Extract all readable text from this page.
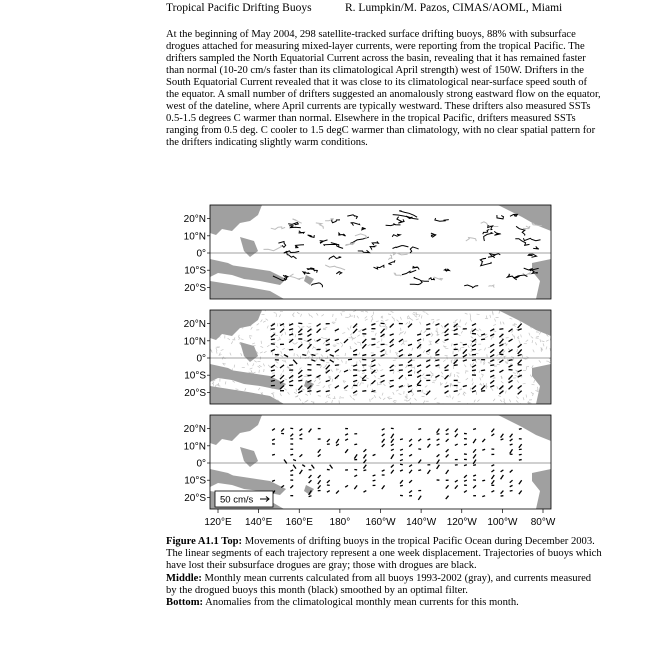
Tropical Pacific Drifting Buoys	R. Lumpkin/M. Pazos, CIMAS/AOML, Miami

At the beginning of May 2004, 298 satellite-tracked surface drifting buoys, 88% with subsurface drogues attached for measuring mixed-layer currents, were reporting from the tropical Pacific. The drifters sampled the North Equatorial Current across the basin, revealing that it has remained faster than normal (10-20 cm/s faster than its climatological April strength) west of 150W. Drifters in the South Equatorial Current revealed that it was close to its climatological near-surface speed south of the equator. A small number of drifters suggested an anomalously strong eastward flow on the equator, west of the dateline, where April currents are typically westward. These drifters also measured SSTs 0.5-1.5 degrees C warmer than normal. Elsewhere in the tropical Pacific, drifters measured SSTs ranging from 0.5 deg. C cooler to 1.5 degC warmer than climatology, with no clear spatial pattern for the drifters indicating slightly warm conditions.

20°N
10°N
0°
10°S
20°S
20°N
10°N
0°
10°S
20°S
20°N
10°N
0°
10°S
20°S 50 cm/s
120°E 140°E 160°E 180° 160°W 140°W 120°W 100°W 80°W

Figure A1.1 Top: Movements of drifting buoys in the tropical Pacific Ocean during December 2003. The linear segments of each trajectory represent a one week displacement. Trajectories of buoys which have lost their subsurface drogues are gray; those with drogues are black.

Middle: Monthly mean currents calculated from all buoys 1993-2002 (gray), and currents measured by the drogued buoys this month (black) smoothed by an optimal filter.

Bottom: Anomalies from the climatological monthly mean currents for this month.
